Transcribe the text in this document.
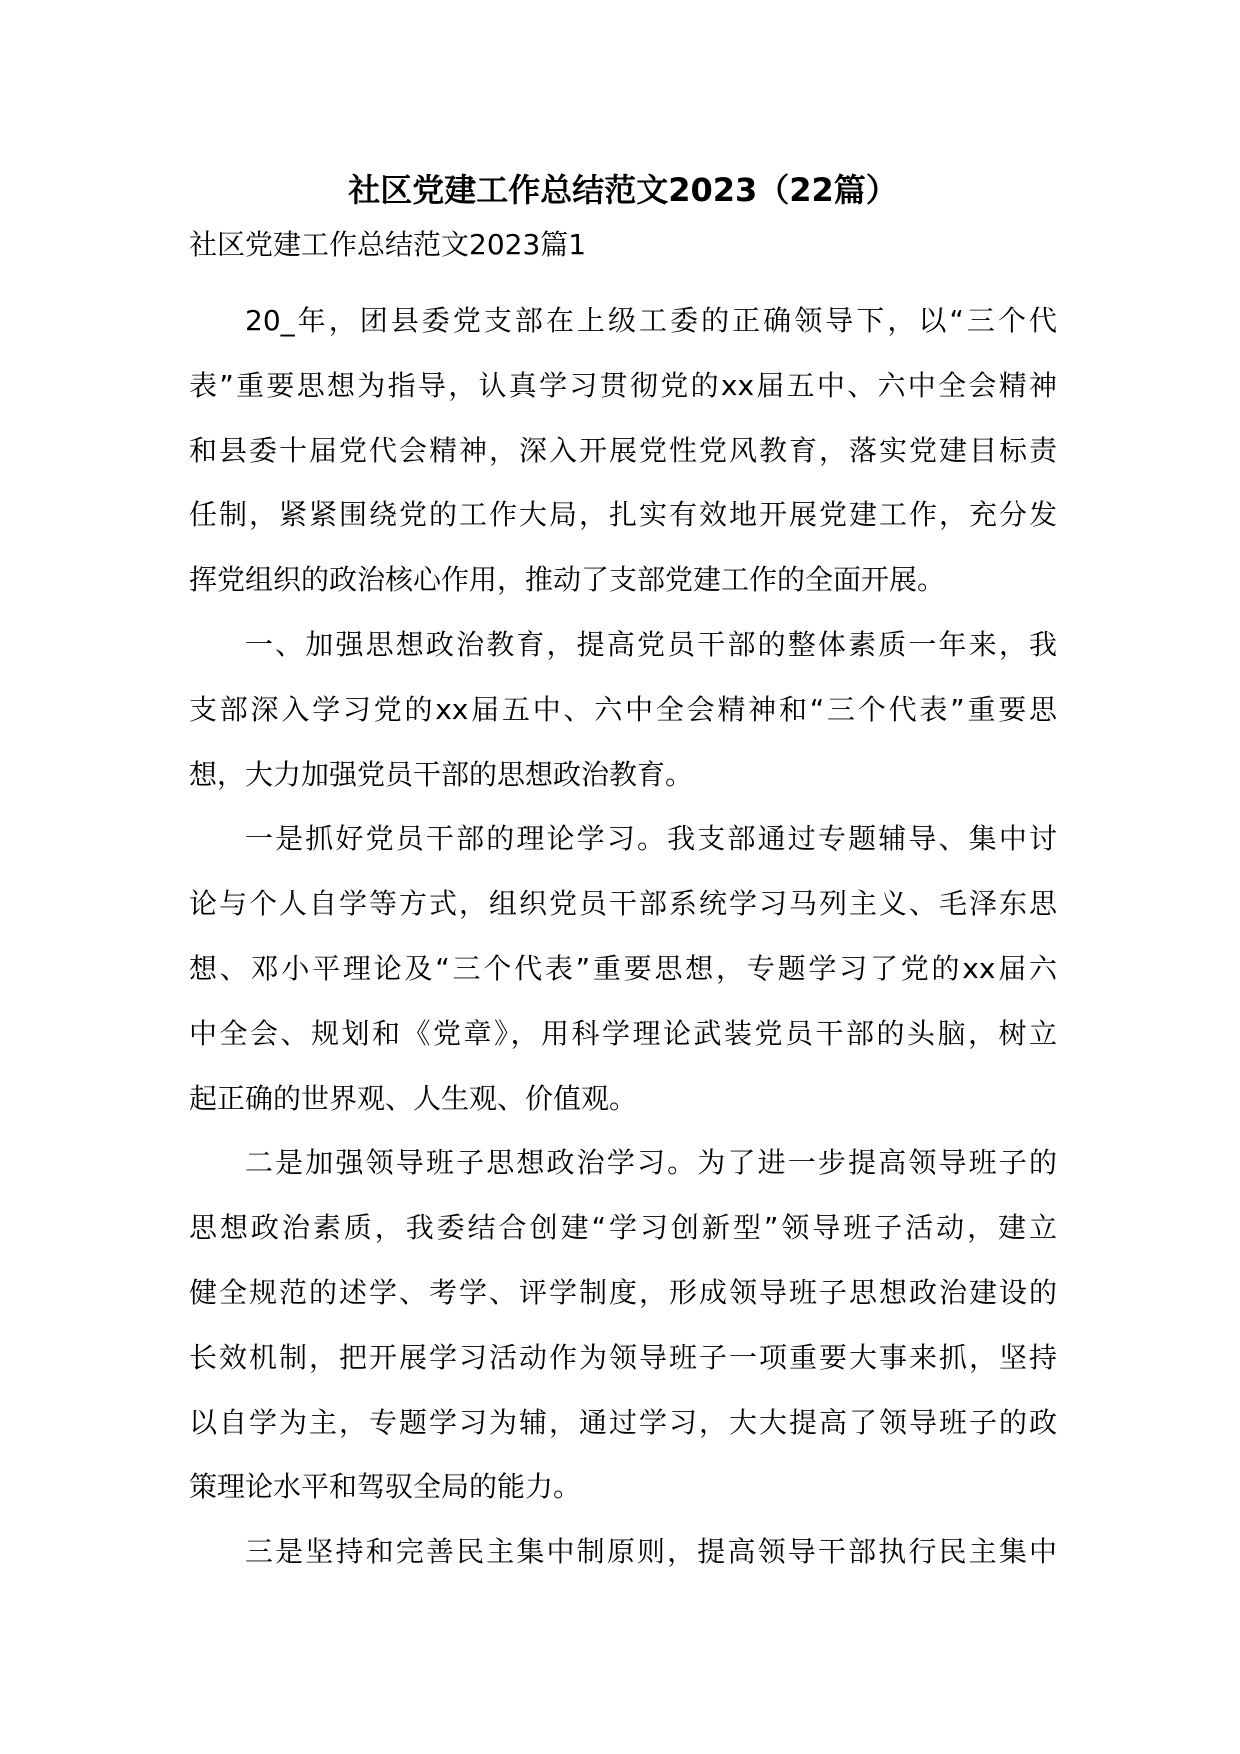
社区党建工作总结范文2023（22篇）
社区党建工作总结范文2023篇1
20_年，团县委党支部在上级工委的正确领导下，以“三个代
表”重要思想为指导，认真学习贯彻党的xx届五中、六中全会精神
和县委十届党代会精神，深入开展党性党风教育，落实党建目标责
任制，紧紧围绕党的工作大局，扎实有效地开展党建工作，充分发
挥党组织的政治核心作用，推动了支部党建工作的全面开展。
一、加强思想政治教育，提高党员干部的整体素质一年来，我
支部深入学习党的xx届五中、六中全会精神和“三个代表”重要思
想，大力加强党员干部的思想政治教育。
一是抓好党员干部的理论学习。我支部通过专题辅导、集中讨
论与个人自学等方式，组织党员干部系统学习马列主义、毛泽东思
想、邓小平理论及“三个代表”重要思想，专题学习了党的xx届六
中全会、规划和《党章》，用科学理论武装党员干部的头脑，树立
起正确的世界观、人生观、价值观。
二是加强领导班子思想政治学习。为了进一步提高领导班子的
思想政治素质，我委结合创建“学习创新型”领导班子活动，建立
健全规范的述学、考学、评学制度，形成领导班子思想政治建设的
长效机制，把开展学习活动作为领导班子一项重要大事来抓，坚持
以自学为主，专题学习为辅，通过学习，大大提高了领导班子的政
策理论水平和驾驭全局的能力。
三是坚持和完善民主集中制原则，提高领导干部执行民主集中
